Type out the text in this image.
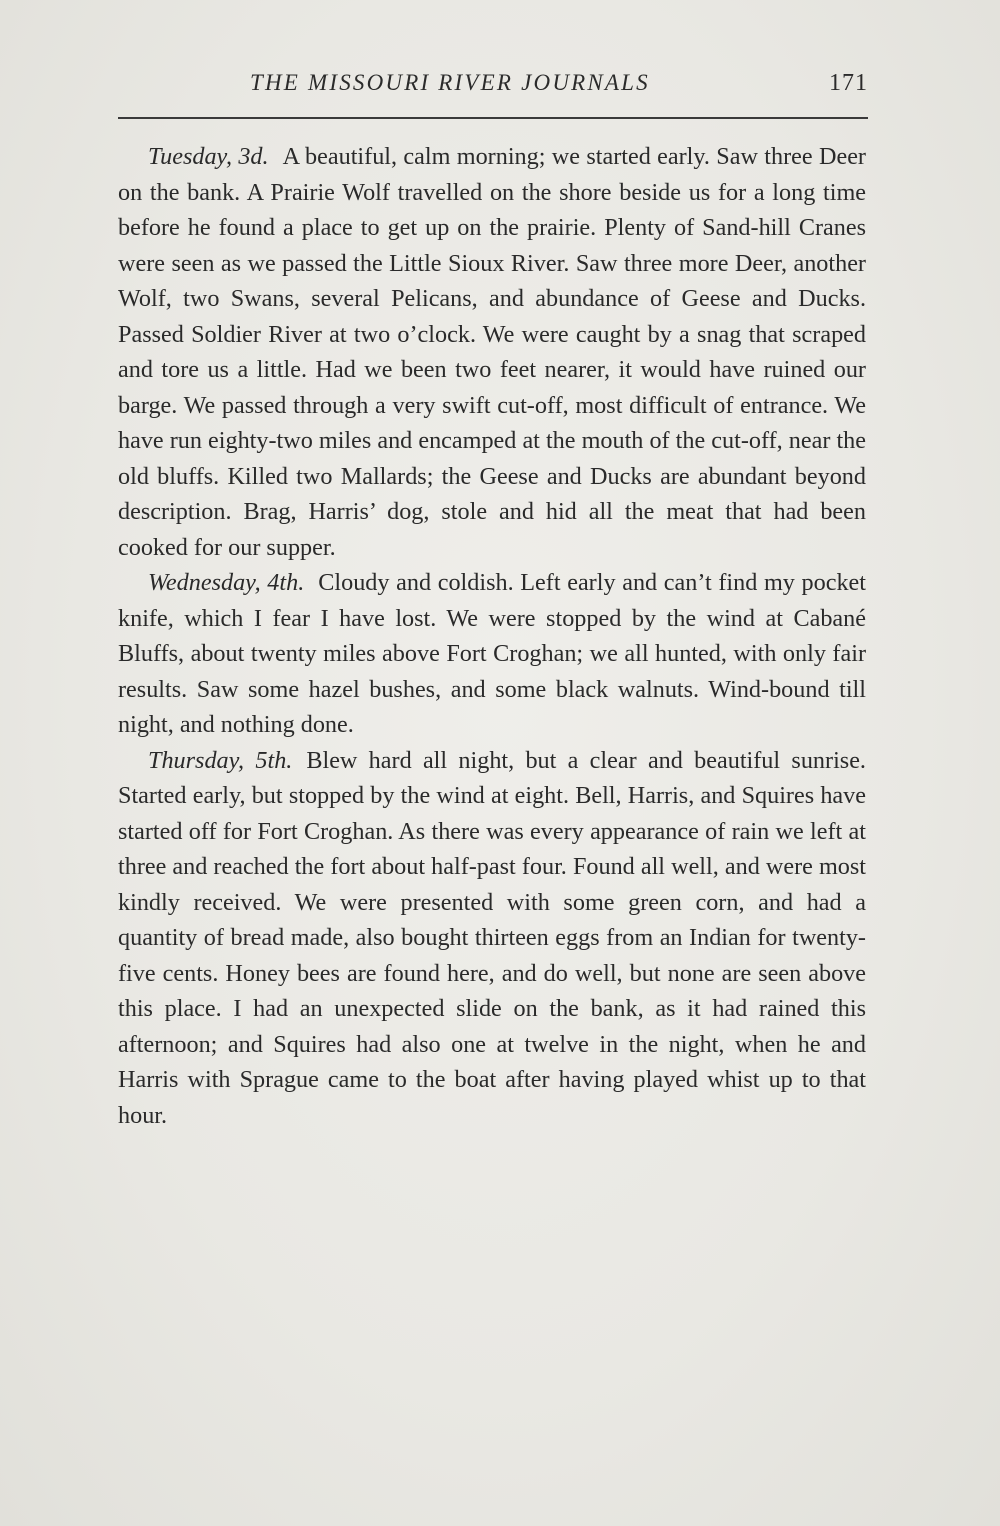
THE MISSOURI RIVER JOURNALS	171

Tuesday, 3d. A beautiful, calm morning; we started early. Saw three Deer on the bank. A Prairie Wolf travelled on the shore beside us for a long time before he found a place to get up on the prairie. Plenty of Sand-hill Cranes were seen as we passed the Little Sioux River. Saw three more Deer, another Wolf, two Swans, several Pelicans, and abundance of Geese and Ducks. Passed Soldier River at two o’clock. We were caught by a snag that scraped and tore us a little. Had we been two feet nearer, it would have ruined our barge. We passed through a very swift cut-off, most difficult of entrance. We have run eighty-two miles and encamped at the mouth of the cut-off, near the old bluffs. Killed two Mallards; the Geese and Ducks are abundant beyond description. Brag, Harris’ dog, stole and hid all the meat that had been cooked for our supper.

Wednesday, 4th. Cloudy and coldish. Left early and can’t find my pocket knife, which I fear I have lost. We were stopped by the wind at Cabané Bluffs, about twenty miles above Fort Croghan; we all hunted, with only fair results. Saw some hazel bushes, and some black walnuts. Wind-bound till night, and nothing done.

Thursday, 5th. Blew hard all night, but a clear and beautiful sunrise. Started early, but stopped by the wind at eight. Bell, Harris, and Squires have started off for Fort Croghan. As there was every appearance of rain we left at three and reached the fort about half-past four. Found all well, and were most kindly received. We were presented with some green corn, and had a quantity of bread made, also bought thirteen eggs from an Indian for twenty-five cents. Honey bees are found here, and do well, but none are seen above this place. I had an unexpected slide on the bank, as it had rained this afternoon; and Squires had also one at twelve in the night, when he and Harris with Sprague came to the boat after having played whist up to that hour.
